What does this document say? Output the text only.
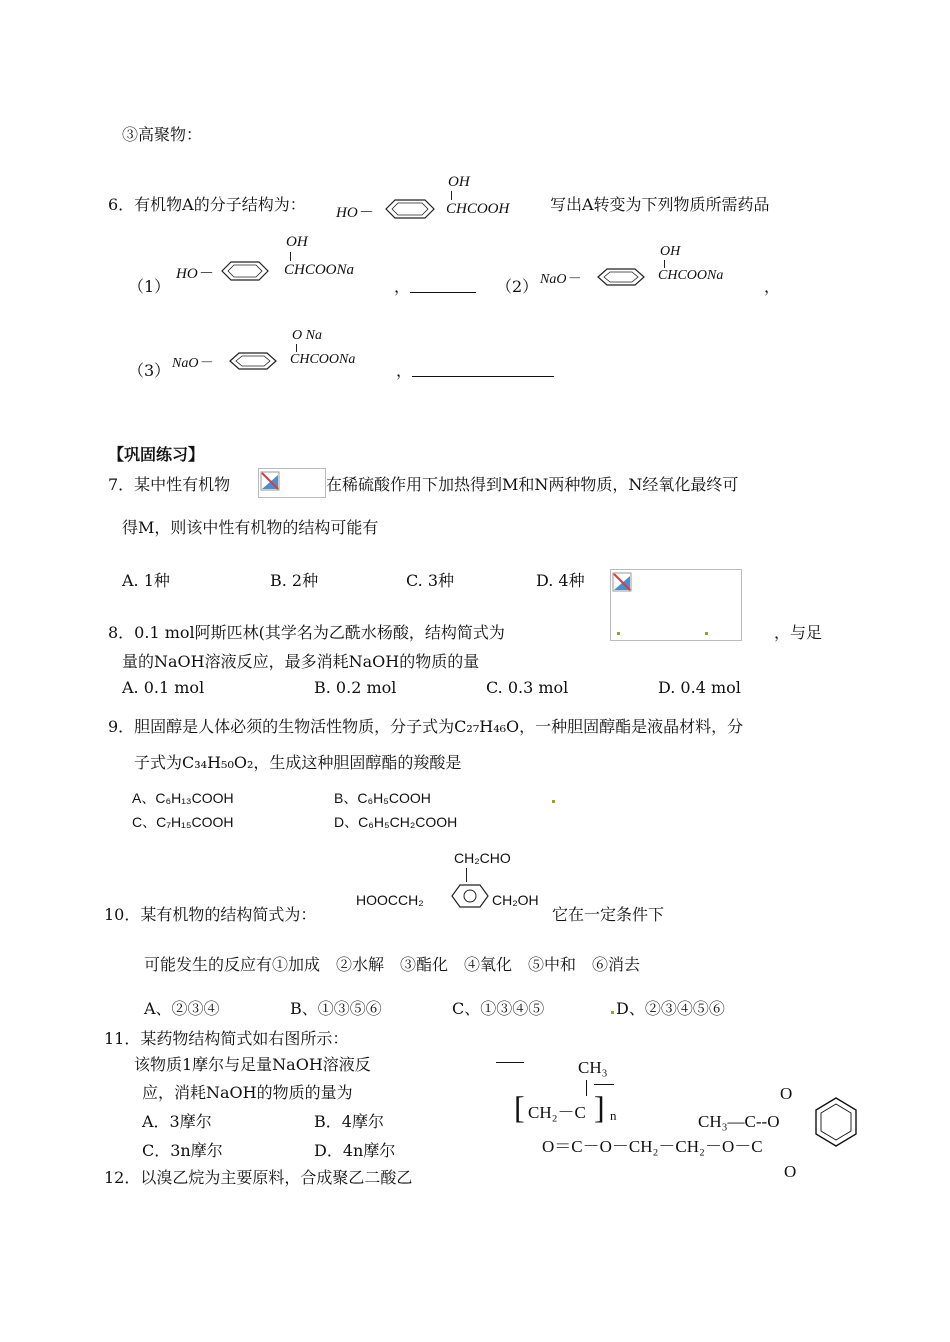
③高聚物：
6．有机物A的分子结构为： HO－
OH
CHCOOH	写出A转变为下列物质所需药品
（1）
HO－
OH
CHCOONa
，	（2） NaO－
OH
CHCOONa
，
（3） NaO－
O Na
CHCOONa
，
【巩固练习】
7．某中性有机物	在稀硫酸作用下加热得到M和N两种物质，N经氧化最终可
得M，则该中性有机物的结构可能有
A. 1种	B. 2种	C. 3种	D. 4种
8．0.1 mol阿斯匹林(其学名为乙酰水杨酸，结构简式为	，与足
量的NaOH溶液反应，最多消耗NaOH的物质的量
A. 0.1 mol	B. 0.2 mol	C. 0.3 mol	D. 0.4 mol
9．胆固醇是人体必须的生物活性物质，分子式为C₂₇H₄₆O，一种胆固醇酯是液晶材料，分
子式为C₃₄H₅₀O₂，生成这种胆固醇酯的羧酸是
A、C₆H₁₃COOH	B、C₆H₅COOH
C、C₇H₁₅COOH	D、C₆H₅CH₂COOH
CH₂CHO
HOOCCH₂	CH₂OH
10．某有机物的结构简式为：	它在一定条件下
可能发生的反应有①加成　②水解　③酯化　④氧化　⑤中和　⑥消去
A、②③④	B、①③⑤⑥	C、①③④⑤	D、②③④⑤⑥
11．某药物结构简式如右图所示：
该物质1摩尔与足量NaOH溶液反
应，消耗NaOH的物质的量为
A．3摩尔	B．4摩尔
C．3n摩尔	D．4n摩尔
CH₃
[ CH₂－C ] n
O
CH₃—C--O
O＝C－O－CH₂－CH₂－O－C
O
12．以溴乙烷为主要原料，合成聚乙二酸乙
